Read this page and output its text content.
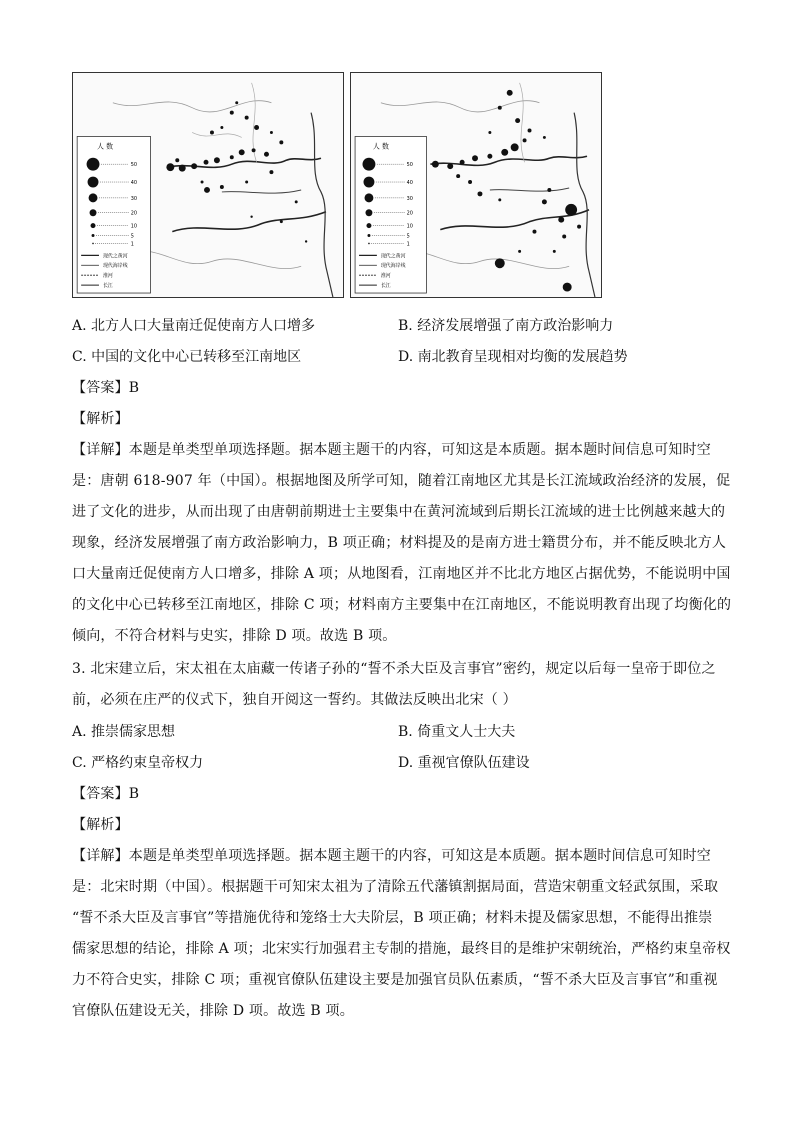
人 数
50
40
30
20
10
5
1
现代之黄河
现代海岸线
淮河
长江
人 数
50
40
30
20
10
5
1
现代之黄河
现代海岸线
淮河
长江
A. 北方人口大量南迁促使南方人口增多	B. 经济发展增强了南方政治影响力
C. 中国的文化中心已转移至江南地区	D. 南北教育呈现相对均衡的发展趋势
【答案】B
【解析】
【详解】本题是单类型单项选择题。据本题主题干的内容，可知这是本质题。据本题时间信息可知时空
是：唐朝 618-907 年（中国）。根据地图及所学可知，随着江南地区尤其是长江流域政治经济的发展，促
进了文化的进步，从而出现了由唐朝前期进士主要集中在黄河流域到后期长江流域的进士比例越来越大的
现象，经济发展增强了南方政治影响力，B 项正确；材料提及的是南方进士籍贯分布，并不能反映北方人
口大量南迁促使南方人口增多，排除 A 项；从地图看，江南地区并不比北方地区占据优势，不能说明中国
的文化中心已转移至江南地区，排除 C 项；材料南方主要集中在江南地区，不能说明教育出现了均衡化的
倾向，不符合材料与史实，排除 D 项。故选 B 项。
3. 北宋建立后，宋太祖在太庙藏一传诸子孙的“誓不杀大臣及言事官”密约，规定以后每一皇帝于即位之
前，必须在庄严的仪式下，独自开阅这一誓约。其做法反映出北宋（ ）
A. 推崇儒家思想	B. 倚重文人士大夫
C. 严格约束皇帝权力	D. 重视官僚队伍建设
【答案】B
【解析】
【详解】本题是单类型单项选择题。据本题主题干的内容，可知这是本质题。据本题时间信息可知时空
是：北宋时期（中国）。根据题干可知宋太祖为了清除五代藩镇割据局面，营造宋朝重文轻武氛围，采取
“誓不杀大臣及言事官”等措施优待和笼络士大夫阶层，B 项正确；材料未提及儒家思想，不能得出推崇
儒家思想的结论，排除 A 项；北宋实行加强君主专制的措施，最终目的是维护宋朝统治，严格约束皇帝权
力不符合史实，排除 C 项；重视官僚队伍建设主要是加强官员队伍素质，“誓不杀大臣及言事官”和重视
官僚队伍建设无关，排除 D 项。故选 B 项。
